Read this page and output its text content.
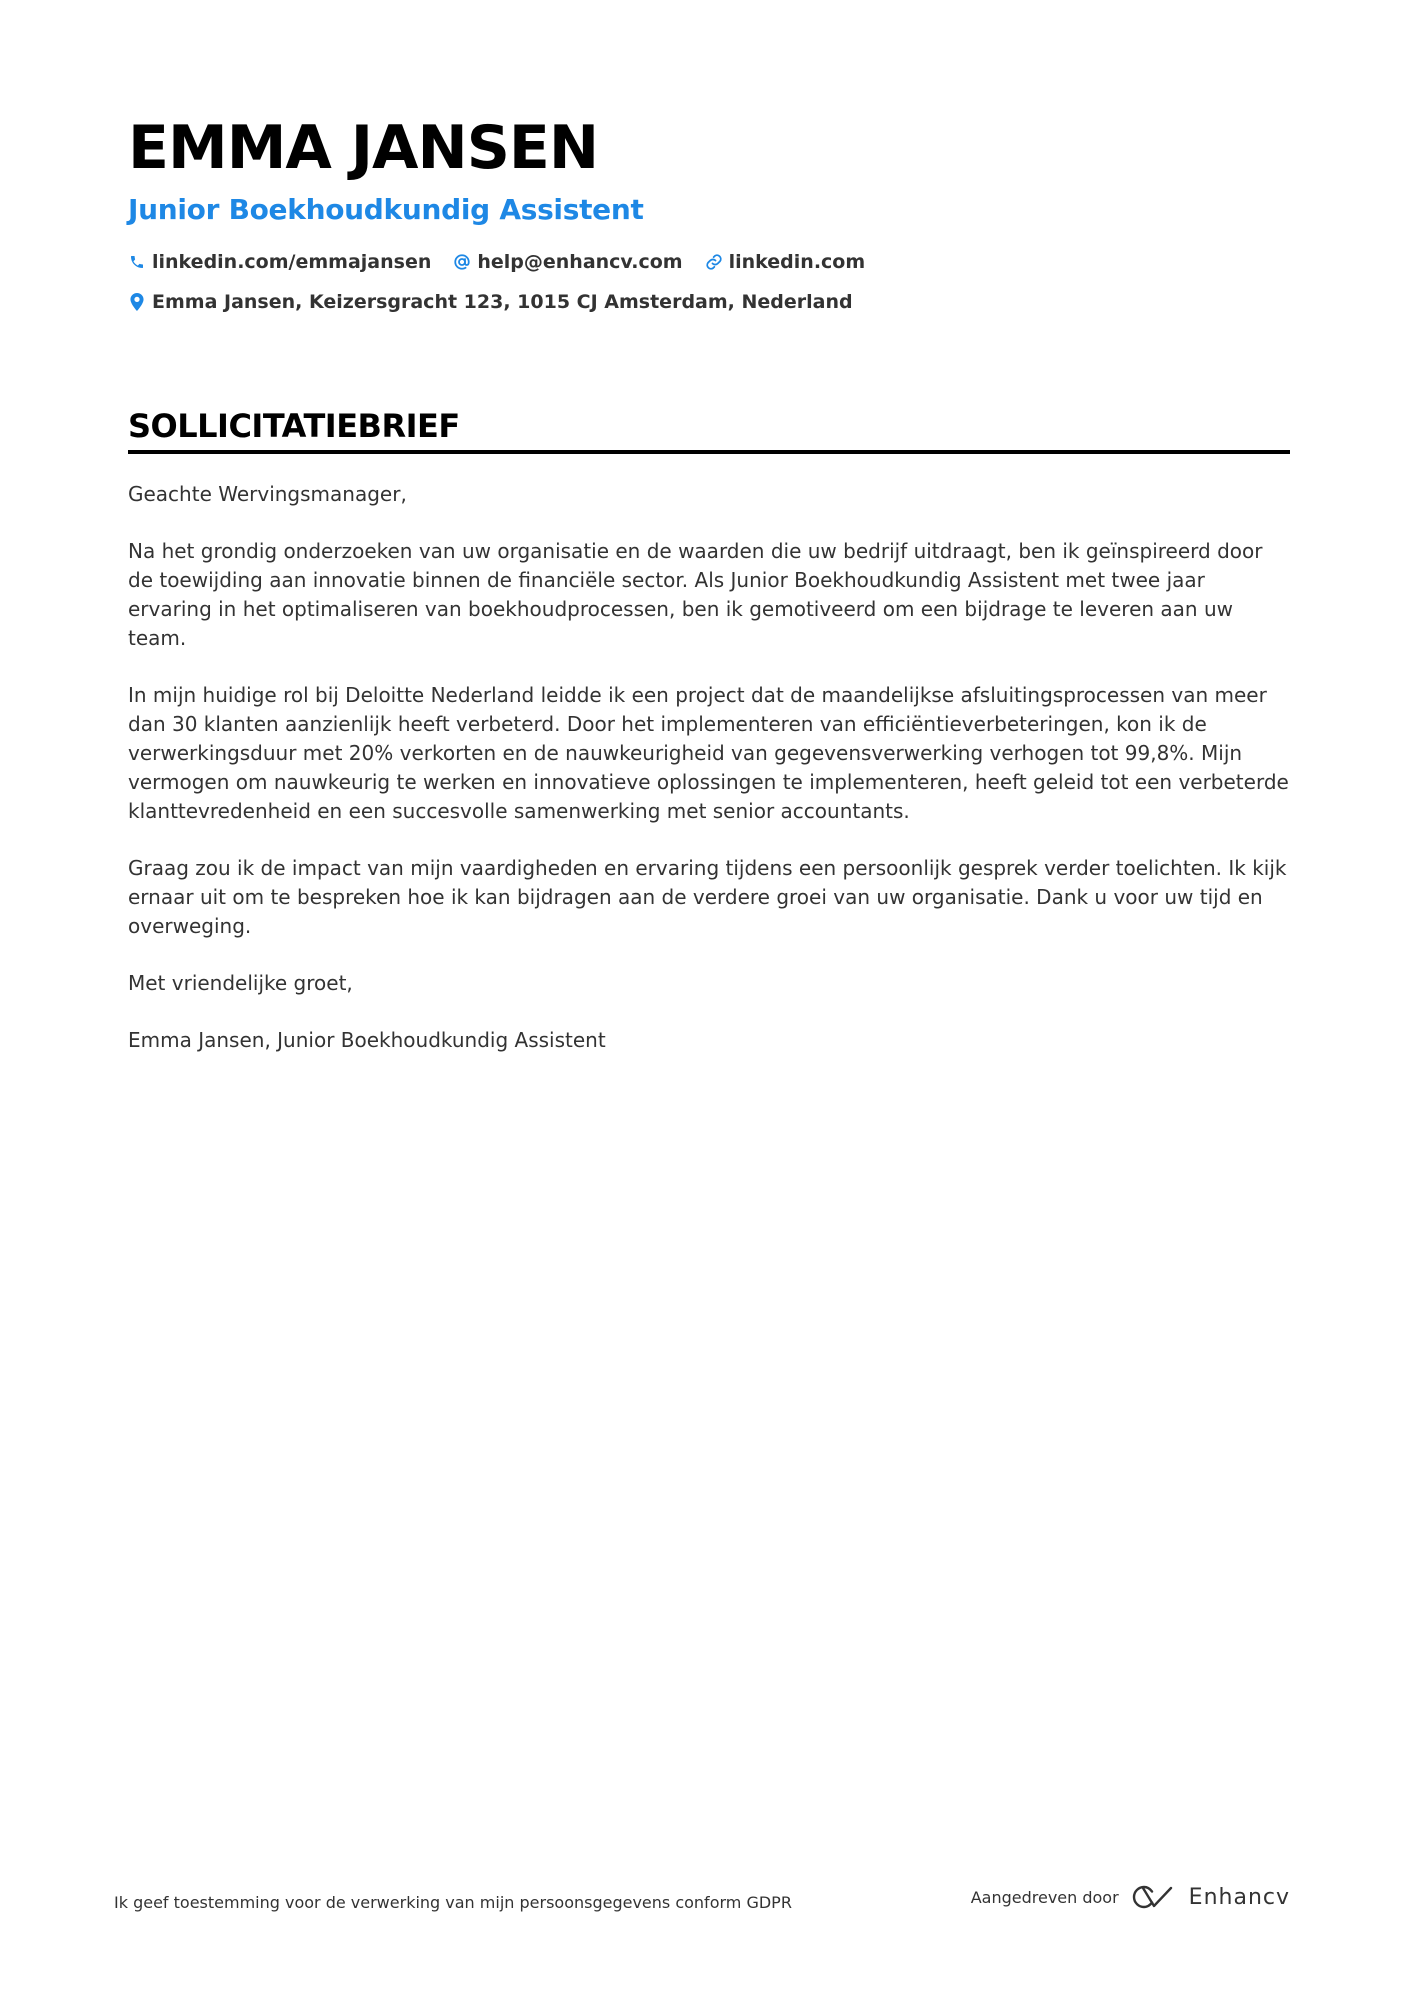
EMMA JANSEN
Junior Boekhoudkundig Assistent
linkedin.com/emmajansen help@enhancv.com linkedin.com
Emma Jansen, Keizersgracht 123, 1015 CJ Amsterdam, Nederland
SOLLICITATIEBRIEF

Geachte Wervingsmanager,

Na het grondig onderzoeken van uw organisatie en de waarden die uw bedrijf uitdraagt, ben ik geïnspireerd door de toewijding aan innovatie binnen de financiële sector. Als Junior Boekhoudkundig Assistent met twee jaar ervaring in het optimaliseren van boekhoudprocessen, ben ik gemotiveerd om een bijdrage te leveren aan uw team.

In mijn huidige rol bij Deloitte Nederland leidde ik een project dat de maandelijkse afsluitingsprocessen van meer dan 30 klanten aanzienlijk heeft verbeterd. Door het implementeren van efficiëntieverbeteringen, kon ik de verwerkingsduur met 20% verkorten en de nauwkeurigheid van gegevensverwerking verhogen tot 99,8%. Mijn vermogen om nauwkeurig te werken en innovatieve oplossingen te implementeren, heeft geleid tot een verbeterde klanttevredenheid en een succesvolle samenwerking met senior accountants.

Graag zou ik de impact van mijn vaardigheden en ervaring tijdens een persoonlijk gesprek verder toelichten. Ik kijk ernaar uit om te bespreken hoe ik kan bijdragen aan de verdere groei van uw organisatie. Dank u voor uw tijd en overweging.

Met vriendelijke groet,

Emma Jansen, Junior Boekhoudkundig Assistent

Ik geef toestemming voor de verwerking van mijn persoonsgegevens conform GDPR	Aangedreven door	Enhancv
